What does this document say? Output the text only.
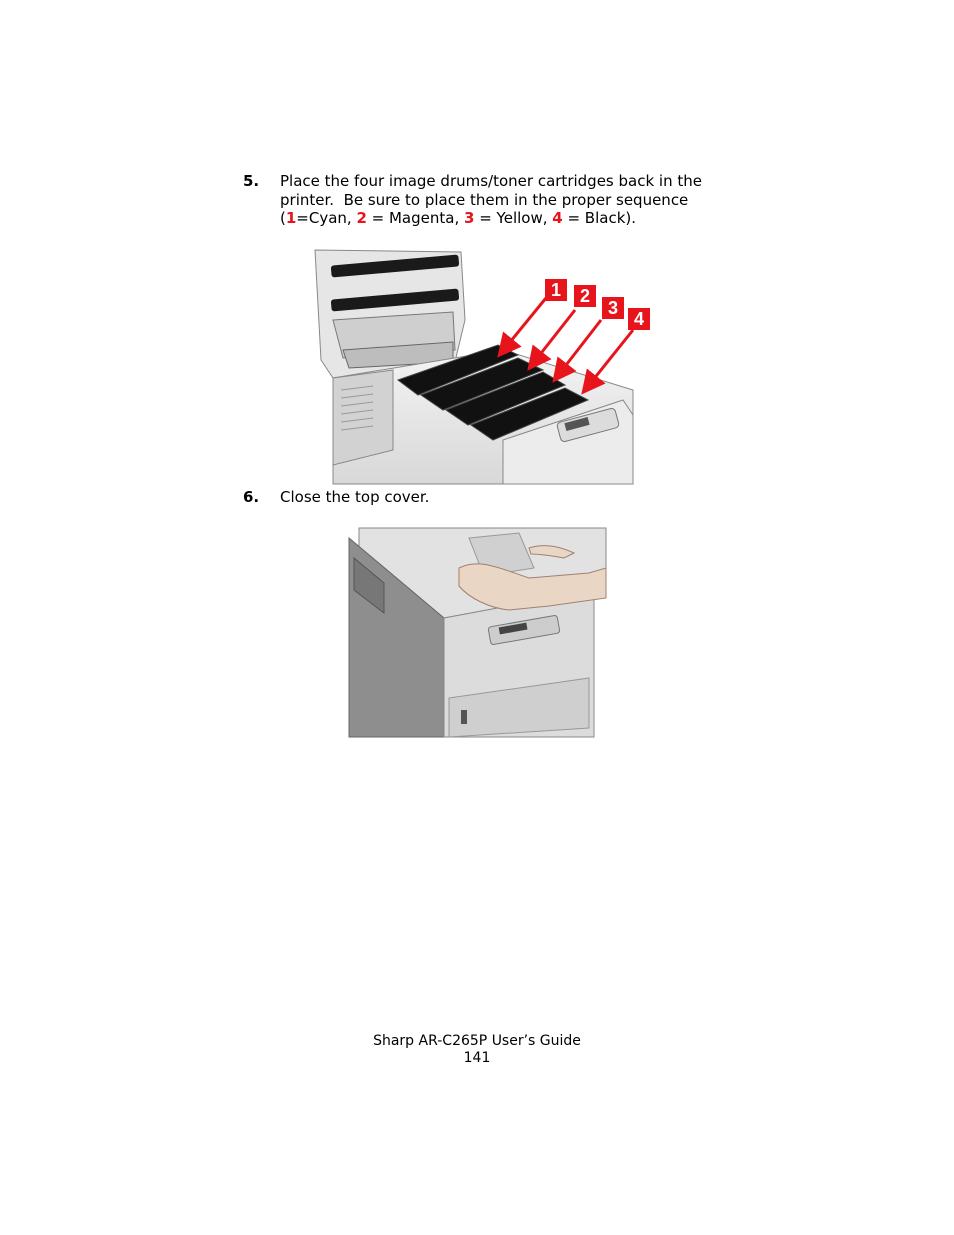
5. Place the four image drums/toner cartridges back in the
printer.  Be sure to place them in the proper sequence
(1=Cyan, 2 = Magenta, 3 = Yellow, 4 = Black).
1 2
3
4
6. Close the top cover.
Sharp AR-C265P User’s Guide
141
